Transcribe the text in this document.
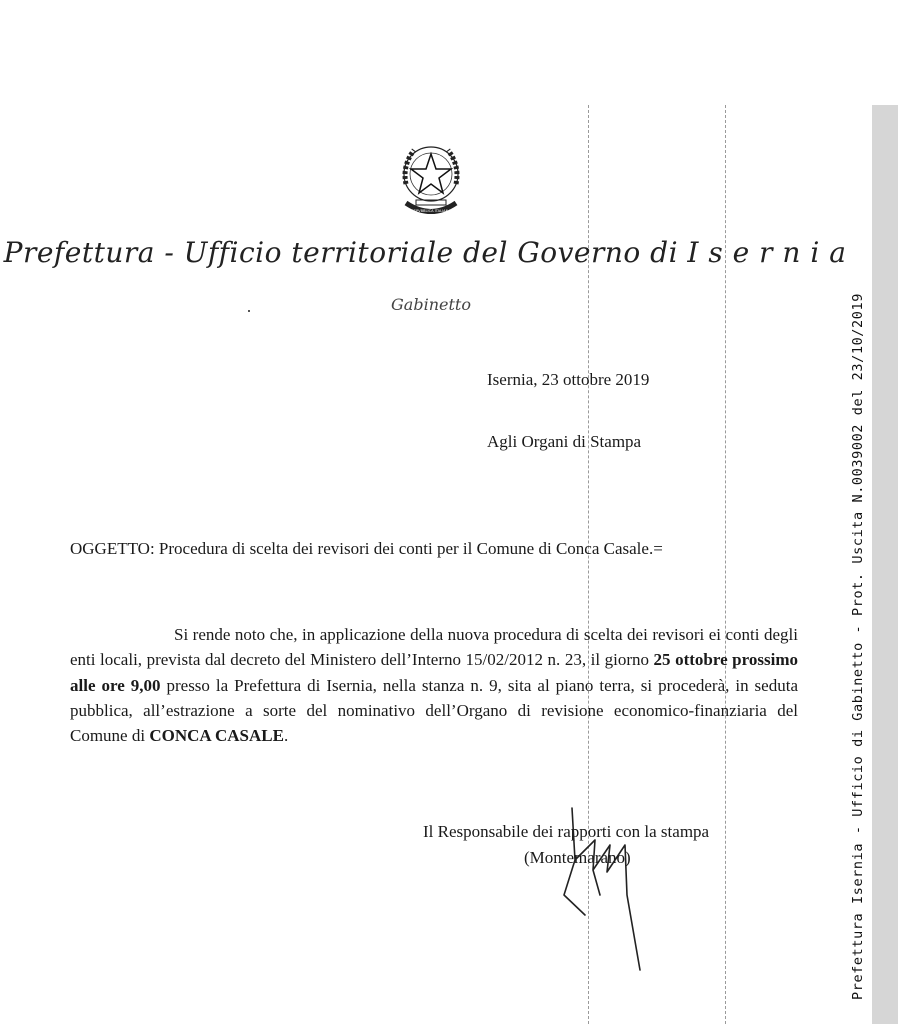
Prefettura Isernia - Ufficio di Gabinetto - Prot. Uscita N.0039002 del 23/10/2019
REPVBBLICA ITALIANA
Prefettura - Ufficio territoriale del Governo di I s e r n i a
Gabinetto
Isernia, 23 ottobre 2019
Agli Organi di Stampa
OGGETTO: Procedura di scelta dei revisori dei conti per il Comune di Conca Casale.=
Si rende noto che, in applicazione della nuova procedura di scelta dei revisori ei conti degli enti locali, prevista dal decreto del Ministero dell’Interno 15/02/2012 n. 23, il giorno 25 ottobre prossimo alle ore 9,00 presso la Prefettura di Isernia, nella stanza n. 9, sita al piano terra, si procederà, in seduta pubblica, all’estrazione a sorte del nominativo dell’Organo di revisione economico-finanziaria del Comune di CONCA CASALE.
Il Responsabile dei rapporti con la stampa
(Montemarano)
